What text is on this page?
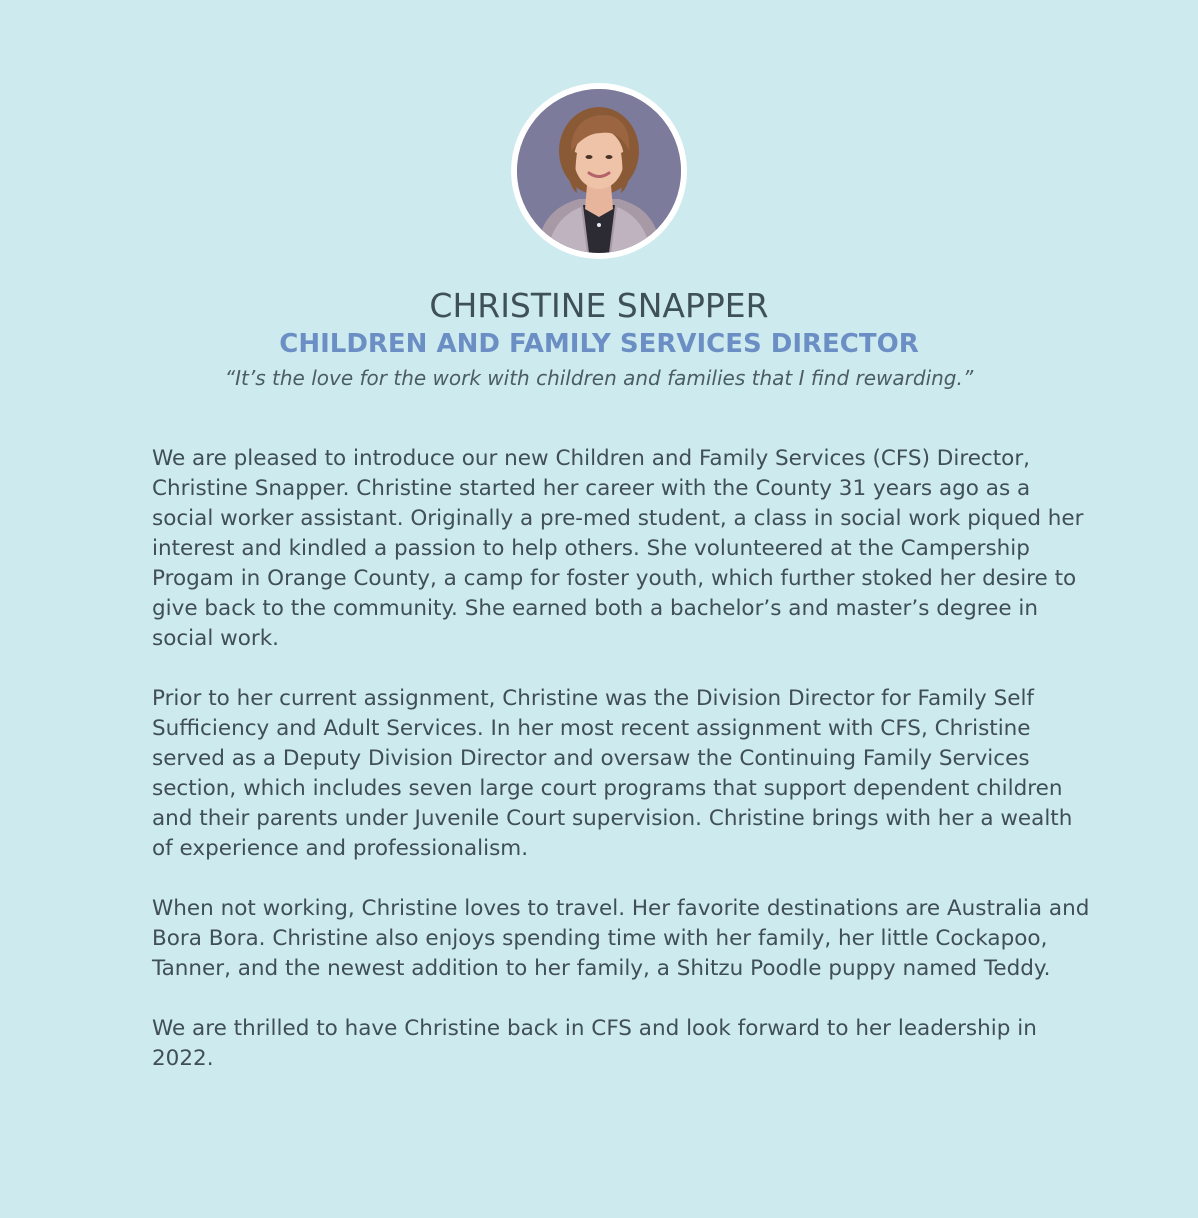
CHRISTINE SNAPPER
CHILDREN AND FAMILY SERVICES DIRECTOR

“It’s the love for the work with children and families that I find rewarding.”

We are pleased to introduce our new Children and Family Services (CFS) Director, Christine Snapper. Christine started her career with the County 31 years ago as a social worker assistant. Originally a pre-med student, a class in social work piqued her interest and kindled a passion to help others. She volunteered at the Campership Progam in Orange County, a camp for foster youth, which further stoked her desire to give back to the community. She earned both a bachelor’s and master’s degree in social work.

Prior to her current assignment, Christine was the Division Director for Family Self Sufficiency and Adult Services. In her most recent assignment with CFS, Christine served as a Deputy Division Director and oversaw the Continuing Family Services section, which includes seven large court programs that support dependent children and their parents under Juvenile Court supervision. Christine brings with her a wealth of experience and professionalism.

When not working, Christine loves to travel. Her favorite destinations are Australia and Bora Bora. Christine also enjoys spending time with her family, her little Cockapoo, Tanner, and the newest addition to her family, a Shitzu Poodle puppy named Teddy.

We are thrilled to have Christine back in CFS and look forward to her leadership in 2022.
